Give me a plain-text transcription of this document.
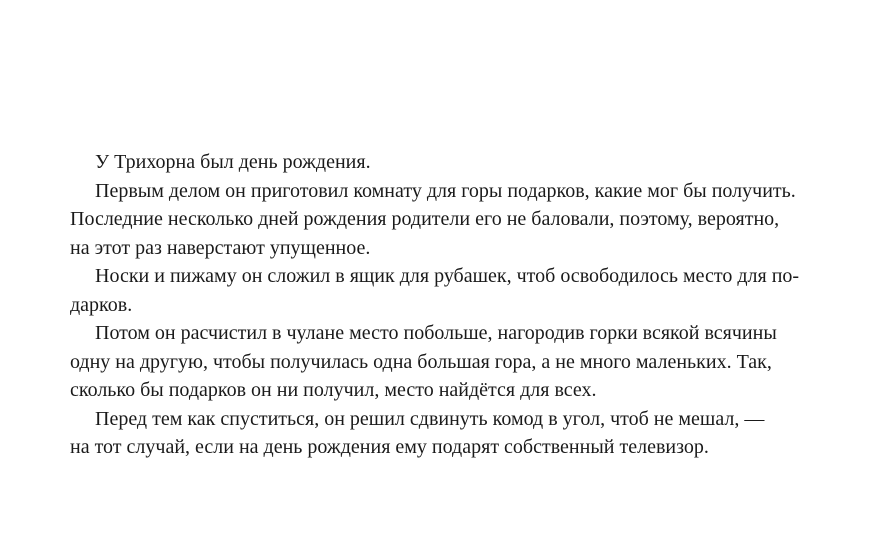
У Трихорна был день рождения.
Первым делом он приготовил комнату для горы подарков, какие мог бы получить.
Последние несколько дней рождения родители его не баловали, поэтому, вероятно,
на этот раз наверстают упущенное.
Носки и пижаму он сложил в ящик для рубашек, чтоб освободилось место для по-
дарков.
Потом он расчистил в чулане место побольше, нагородив горки всякой всячины
одну на другую, чтобы получилась одна большая гора, а не много маленьких. Так,
сколько бы подарков он ни получил, место найдётся для всех.
Перед тем как спуститься, он решил сдвинуть комод в угол, чтоб не мешал, —
на тот случай, если на день рождения ему подарят собственный телевизор.
